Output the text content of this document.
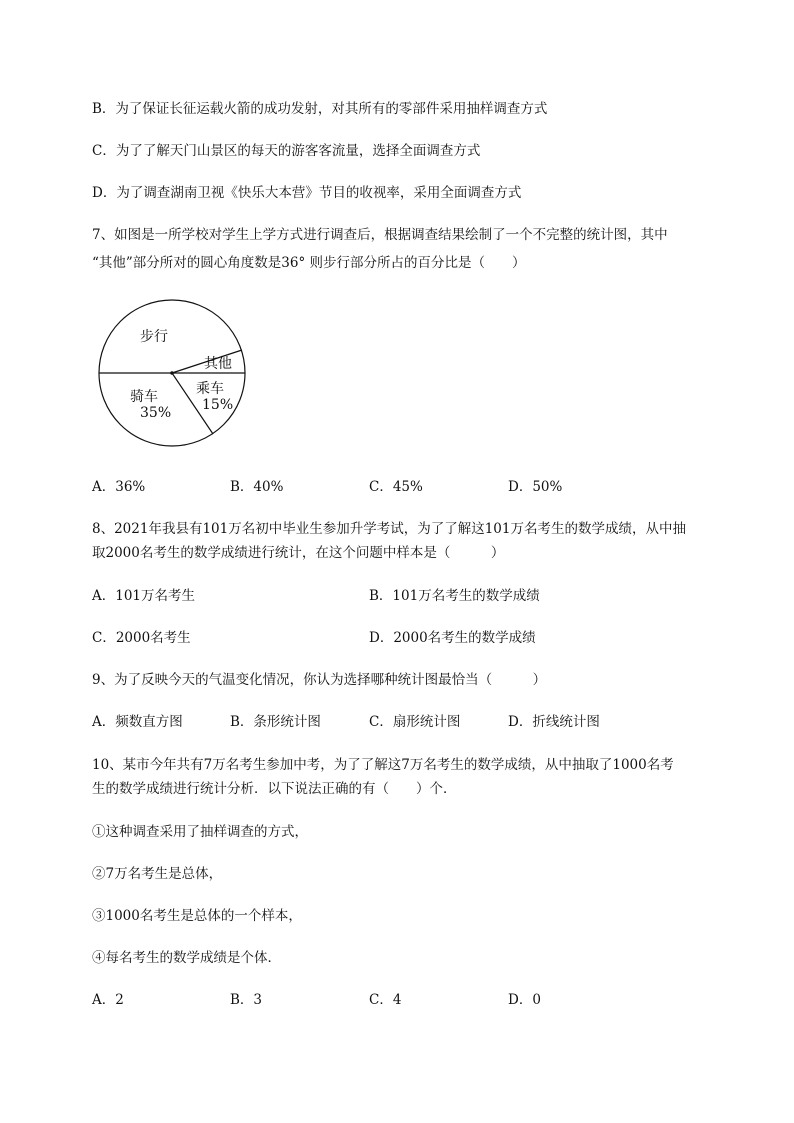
B．为了保证长征运载火箭的成功发射，对其所有的零部件采用抽样调查方式
C．为了了解天门山景区的每天的游客客流量，选择全面调查方式
D．为了调查湖南卫视《快乐大本营》节目的收视率，采用全面调查方式
7、如图是一所学校对学生上学方式进行调查后，根据调查结果绘制了一个不完整的统计图，其中
“其他”部分所对的圆心角度数是36° 则步行部分所占的百分比是（　　）
步行
其他
乘车
15%
骑车
35%
A．36%	B．40%	C．45%	D．50%
8、2021年我县有101万名初中毕业生参加升学考试，为了了解这101万名考生的数学成绩，从中抽
取2000名考生的数学成绩进行统计，在这个问题中样本是（　　　）
A．101万名考生	B．101万名考生的数学成绩
C．2000名考生	D．2000名考生的数学成绩
9、为了反映今天的气温变化情况，你认为选择哪种统计图最恰当（　　　）
A．频数直方图	B．条形统计图	C．扇形统计图	D．折线统计图
10、某市今年共有7万名考生参加中考，为了了解这7万名考生的数学成绩，从中抽取了1000名考
生的数学成绩进行统计分析．以下说法正确的有（　　）个．
①这种调查采用了抽样调查的方式，
②7万名考生是总体，
③1000名考生是总体的一个样本，
④每名考生的数学成绩是个体．
A．2	B．3	C．4	D．0
